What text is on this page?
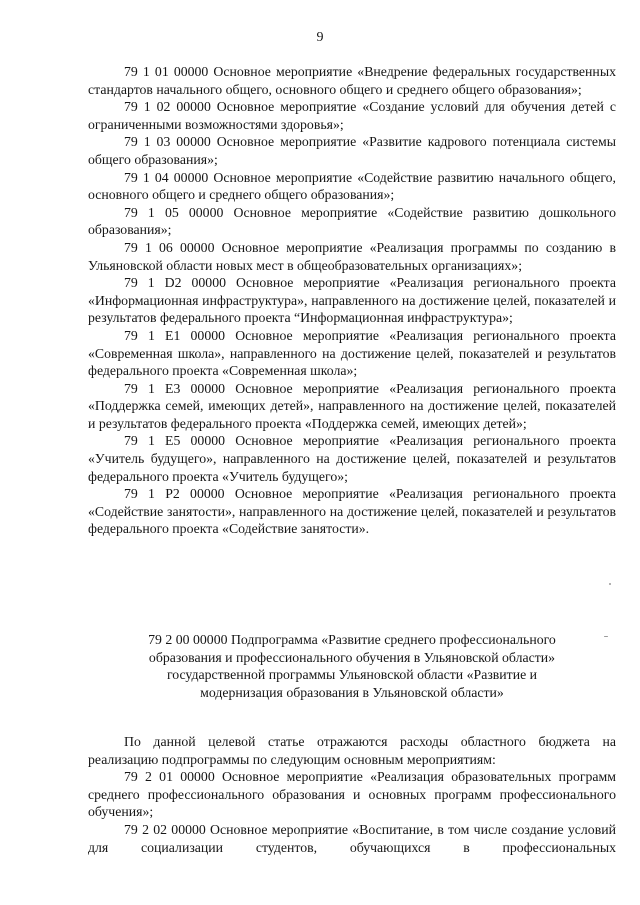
9

79 1 01 00000 Основное мероприятие «Внедрение федеральных государственных стандартов начального общего, основного общего и среднего общего образования»;

79 1 02 00000 Основное мероприятие «Создание условий для обучения детей с ограниченными возможностями здоровья»;

79 1 03 00000 Основное мероприятие «Развитие кадрового потенциала системы общего образования»;

79 1 04 00000 Основное мероприятие «Содействие развитию начального общего, основного общего и среднего общего образования»;

79 1 05 00000 Основное мероприятие «Содействие развитию дошкольного образования»;

79 1 06 00000 Основное мероприятие «Реализация программы по созданию в Ульяновской области новых мест в общеобразовательных организациях»;

79 1 D2 00000 Основное мероприятие «Реализация регионального проекта «Информационная инфраструктура», направленного на достижение целей, показателей и результатов федерального проекта “Информационная инфраструктура»;

79 1 E1 00000 Основное мероприятие «Реализация регионального проекта «Современная школа», направленного на достижение целей, показателей и результатов федерального проекта «Современная школа»;

79 1 E3 00000 Основное мероприятие «Реализация регионального проекта «Поддержка семей, имеющих детей», направленного на достижение целей, показателей и результатов федерального проекта «Поддержка семей, имеющих детей»;

79 1 E5 00000 Основное мероприятие «Реализация регионального проекта «Учитель будущего», направленного на достижение целей, показателей и результатов федерального проекта «Учитель будущего»;

79 1 P2 00000 Основное мероприятие «Реализация регионального проекта «Содействие занятости», направленного на достижение целей, показателей и результатов федерального проекта «Содействие занятости».

79 2 00 00000 Подпрограмма «Развитие среднего профессионального
образования и профессионального обучения в Ульяновской области»
государственной программы Ульяновской области «Развитие и
модернизация образования в Ульяновской области»

По данной целевой статье отражаются расходы областного бюджета на реализацию подпрограммы по следующим основным мероприятиям:

79 2 01 00000 Основное мероприятие «Реализация образовательных программ среднего профессионального образования и основных программ профессионального обучения»;

79 2 02 00000 Основное мероприятие «Воспитание, в том числе создание условий для социализации студентов, обучающихся в профессиональных
